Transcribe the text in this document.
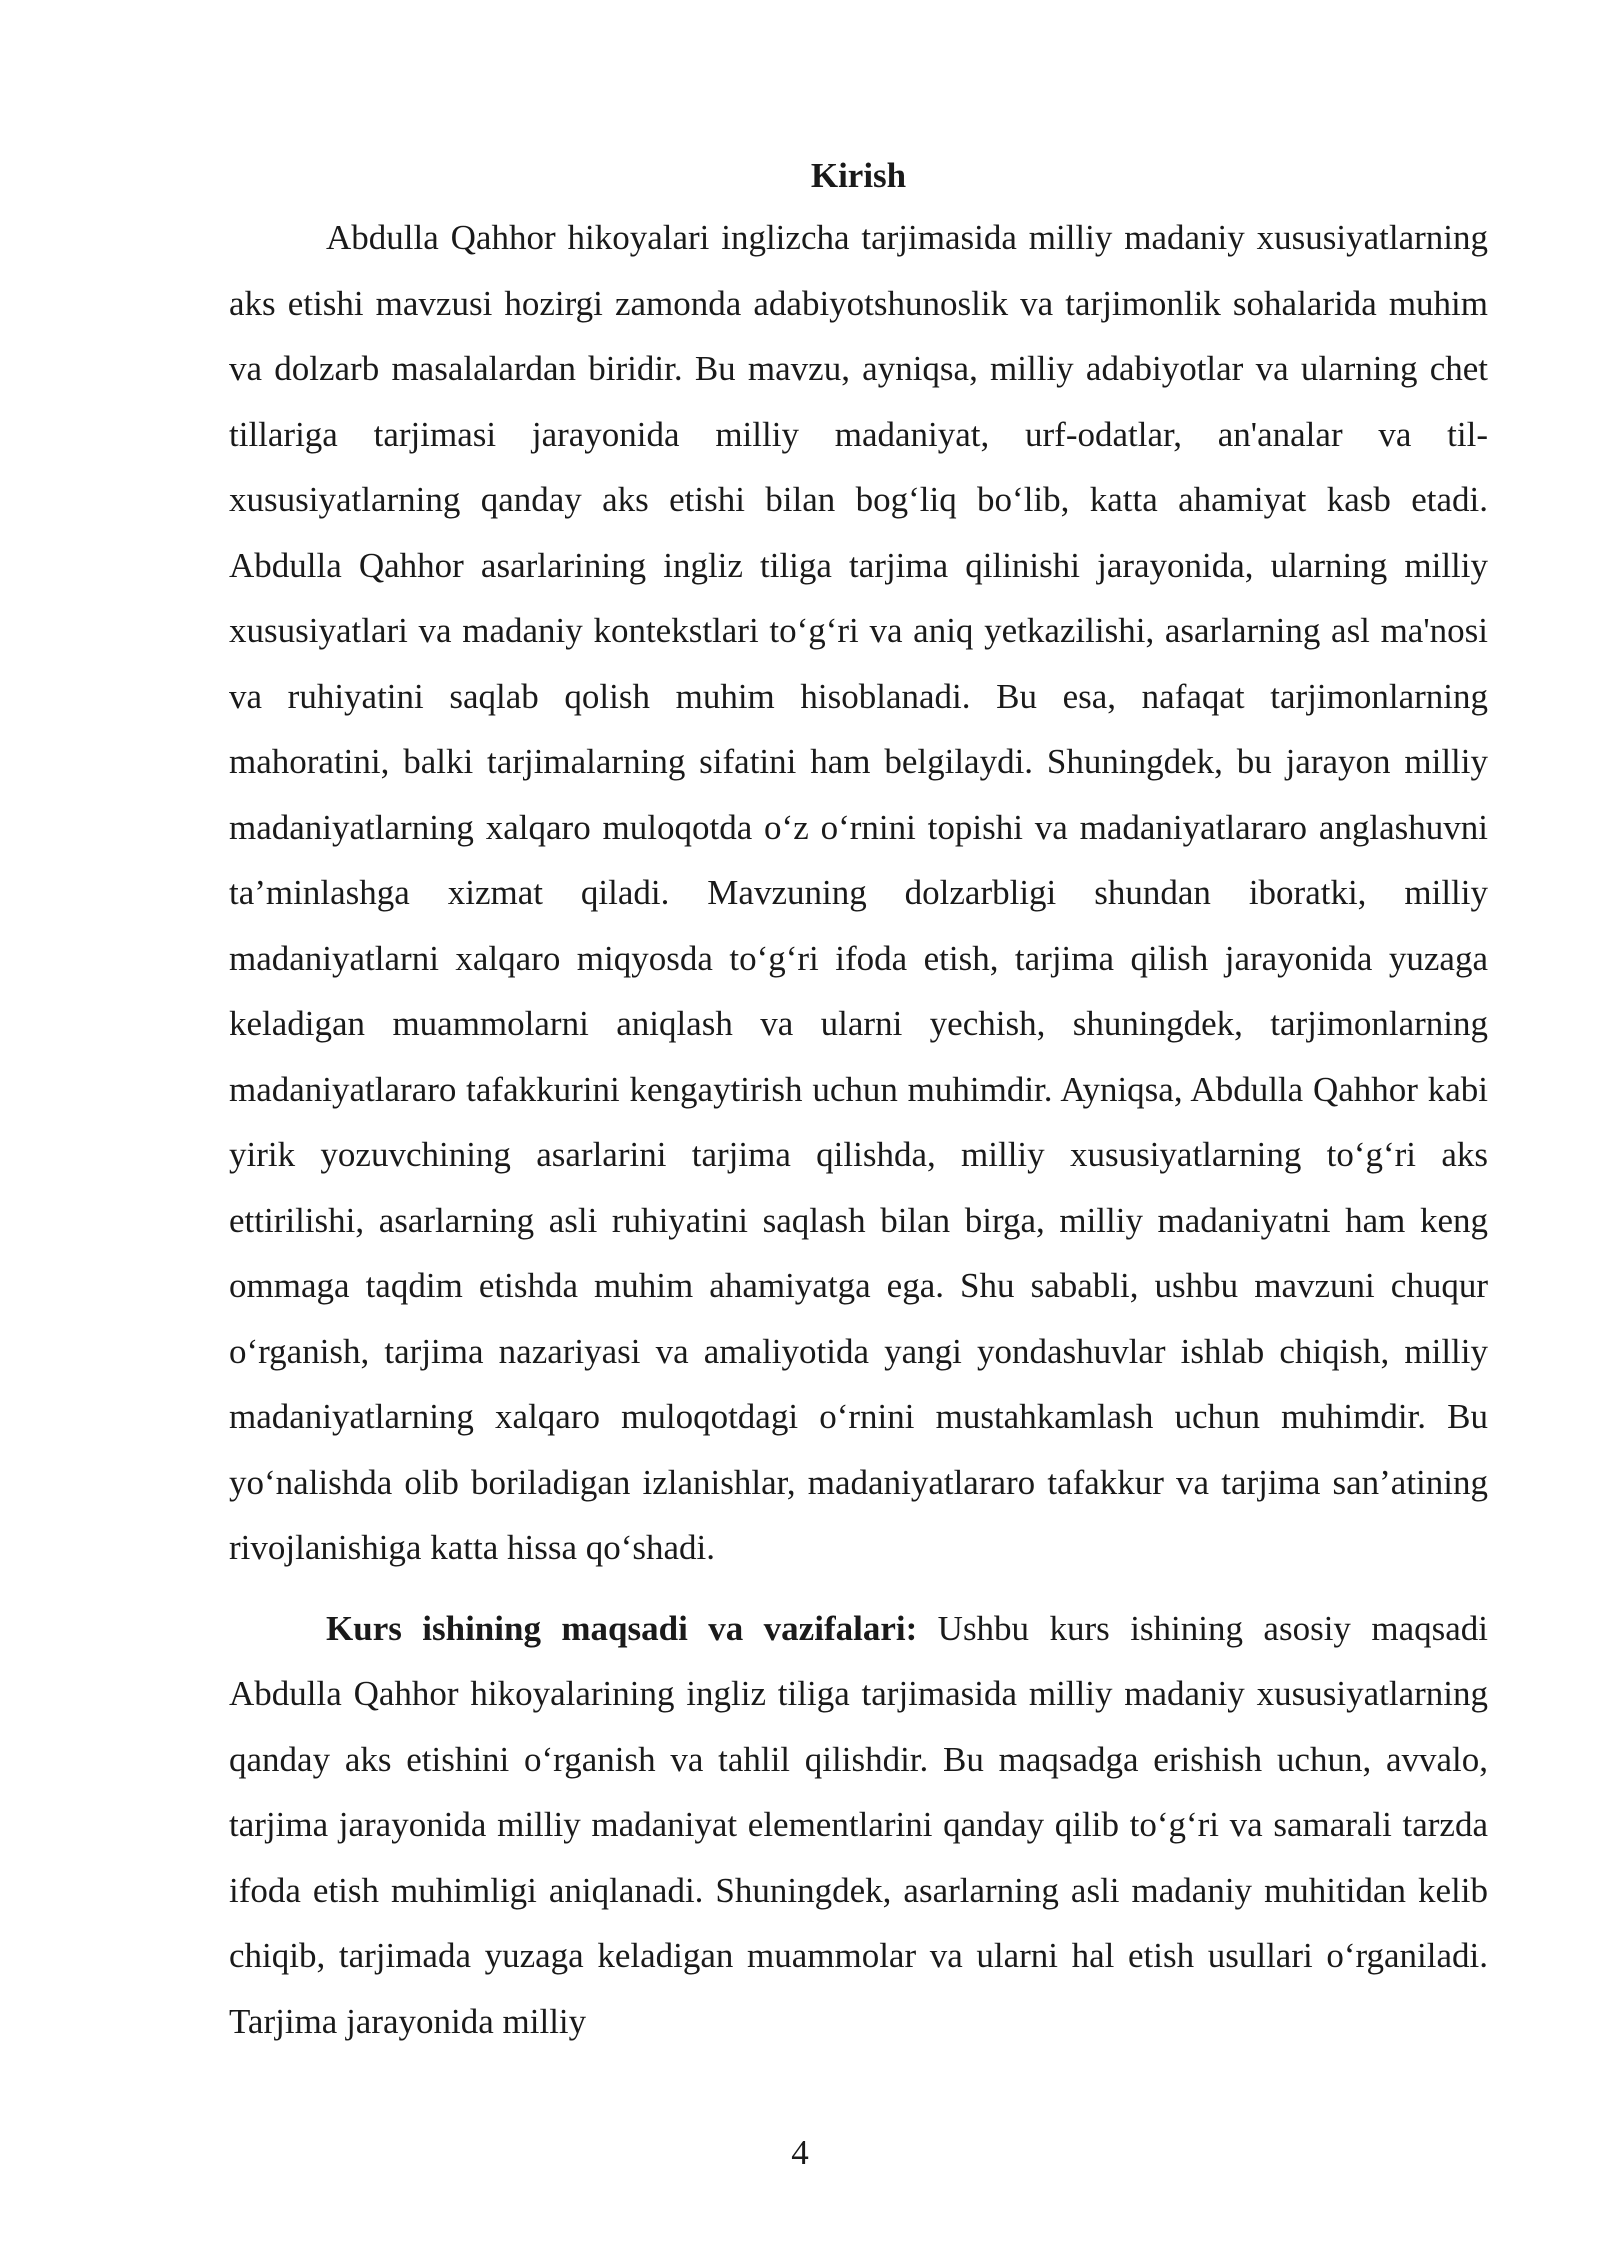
Kirish

Abdulla Qahhor hikoyalari inglizcha tarjimasida milliy madaniy xususiyatlarning aks etishi mavzusi hozirgi zamonda adabiyotshunoslik va tarjimonlik sohalarida muhim va dolzarb masalalardan biridir. Bu mavzu, ayniqsa, milliy adabiyotlar va ularning chet tillariga tarjimasi jarayonida milliy madaniyat, urf-odatlar, an'analar va til-xususiyatlarning qanday aks etishi bilan bog‘liq bo‘lib, katta ahamiyat kasb etadi. Abdulla Qahhor asarlarining ingliz tiliga tarjima qilinishi jarayonida, ularning milliy xususiyatlari va madaniy kontekstlari to‘g‘ri va aniq yetkazilishi, asarlarning asl ma'nosi va ruhiyatini saqlab qolish muhim hisoblanadi. Bu esa, nafaqat tarjimonlarning mahoratini, balki tarjimalarning sifatini ham belgilaydi. Shuningdek, bu jarayon milliy madaniyatlarning xalqaro muloqotda o‘z o‘rnini topishi va madaniyatlararo anglashuvni ta’minlashga xizmat qiladi. Mavzuning dolzarbligi shundan iboratki, milliy madaniyatlarni xalqaro miqyosda to‘g‘ri ifoda etish, tarjima qilish jarayonida yuzaga keladigan muammolarni aniqlash va ularni yechish, shuningdek, tarjimonlarning madaniyatlararo tafakkurini kengaytirish uchun muhimdir. Ayniqsa, Abdulla Qahhor kabi yirik yozuvchining asarlarini tarjima qilishda, milliy xususiyatlarning to‘g‘ri aks ettirilishi, asarlarning asli ruhiyatini saqlash bilan birga, milliy madaniyatni ham keng ommaga taqdim etishda muhim ahamiyatga ega. Shu sababli, ushbu mavzuni chuqur o‘rganish, tarjima nazariyasi va amaliyotida yangi yondashuvlar ishlab chiqish, milliy madaniyatlarning xalqaro muloqotdagi o‘rnini mustahkamlash uchun muhimdir. Bu yo‘nalishda olib boriladigan izlanishlar, madaniyatlararo tafakkur va tarjima san’atining rivojlanishiga katta hissa qo‘shadi.

Kurs ishining maqsadi va vazifalari: Ushbu kurs ishining asosiy maqsadi Abdulla Qahhor hikoyalarining ingliz tiliga tarjimasida milliy madaniy xususiyatlarning qanday aks etishini o‘rganish va tahlil qilishdir. Bu maqsadga erishish uchun, avvalo, tarjima jarayonida milliy madaniyat elementlarini qanday qilib to‘g‘ri va samarali tarzda ifoda etish muhimligi aniqlanadi. Shuningdek, asarlarning asli madaniy muhitidan kelib chiqib, tarjimada yuzaga keladigan muammolar va ularni hal etish usullari o‘rganiladi. Tarjima jarayonida milliy

4
